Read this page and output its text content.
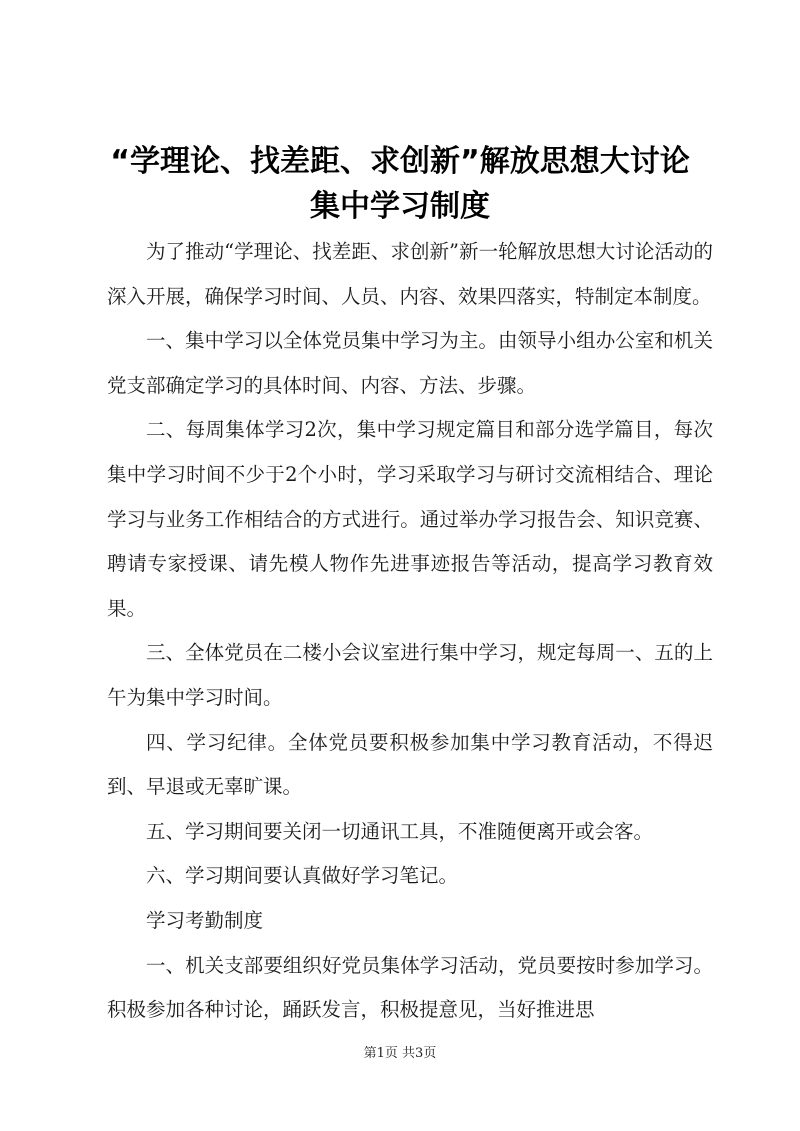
“学理论、找差距、求创新”解放思想大讨论
集中学习制度

为了推动“学理论、找差距、求创新”新一轮解放思想大讨论活动的深入开展，确保学习时间、人员、内容、效果四落实，特制定本制度。

一、集中学习以全体党员集中学习为主。由领导小组办公室和机关党支部确定学习的具体时间、内容、方法、步骤。

二、每周集体学习2次，集中学习规定篇目和部分选学篇目，每次集中学习时间不少于2个小时，学习采取学习与研讨交流相结合、理论学习与业务工作相结合的方式进行。通过举办学习报告会、知识竞赛、聘请专家授课、请先模人物作先进事迹报告等活动，提高学习教育效果。

三、全体党员在二楼小会议室进行集中学习，规定每周一、五的上午为集中学习时间。

四、学习纪律。全体党员要积极参加集中学习教育活动，不得迟到、早退或无辜旷课。

五、学习期间要关闭一切通讯工具，不准随便离开或会客。

六、学习期间要认真做好学习笔记。

学习考勤制度

一、机关支部要组织好党员集体学习活动，党员要按时参加学习。积极参加各种讨论，踊跃发言，积极提意见，当好推进思

第1页 共3页
